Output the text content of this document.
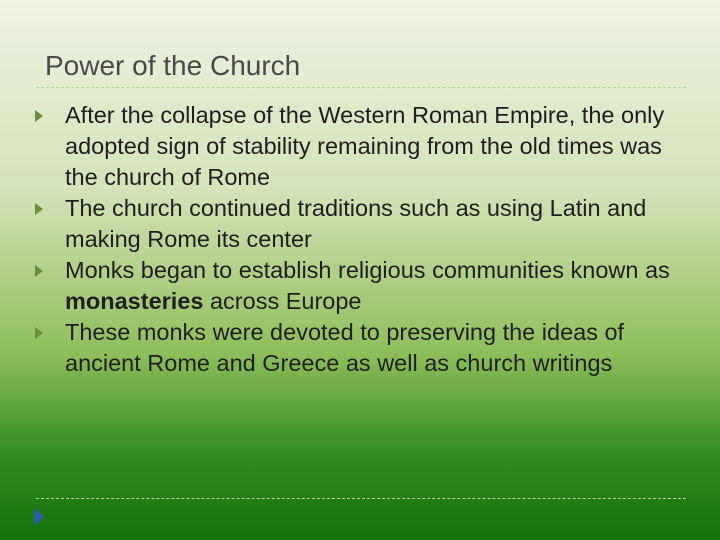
Power of the Church
After the collapse of the Western Roman Empire, the only adopted sign of stability remaining from the old times was the church of Rome
The church continued traditions such as using Latin and making Rome its center
Monks began to establish religious communities known as monasteries across Europe
These monks were devoted to preserving the ideas of ancient Rome and Greece as well as church writings
